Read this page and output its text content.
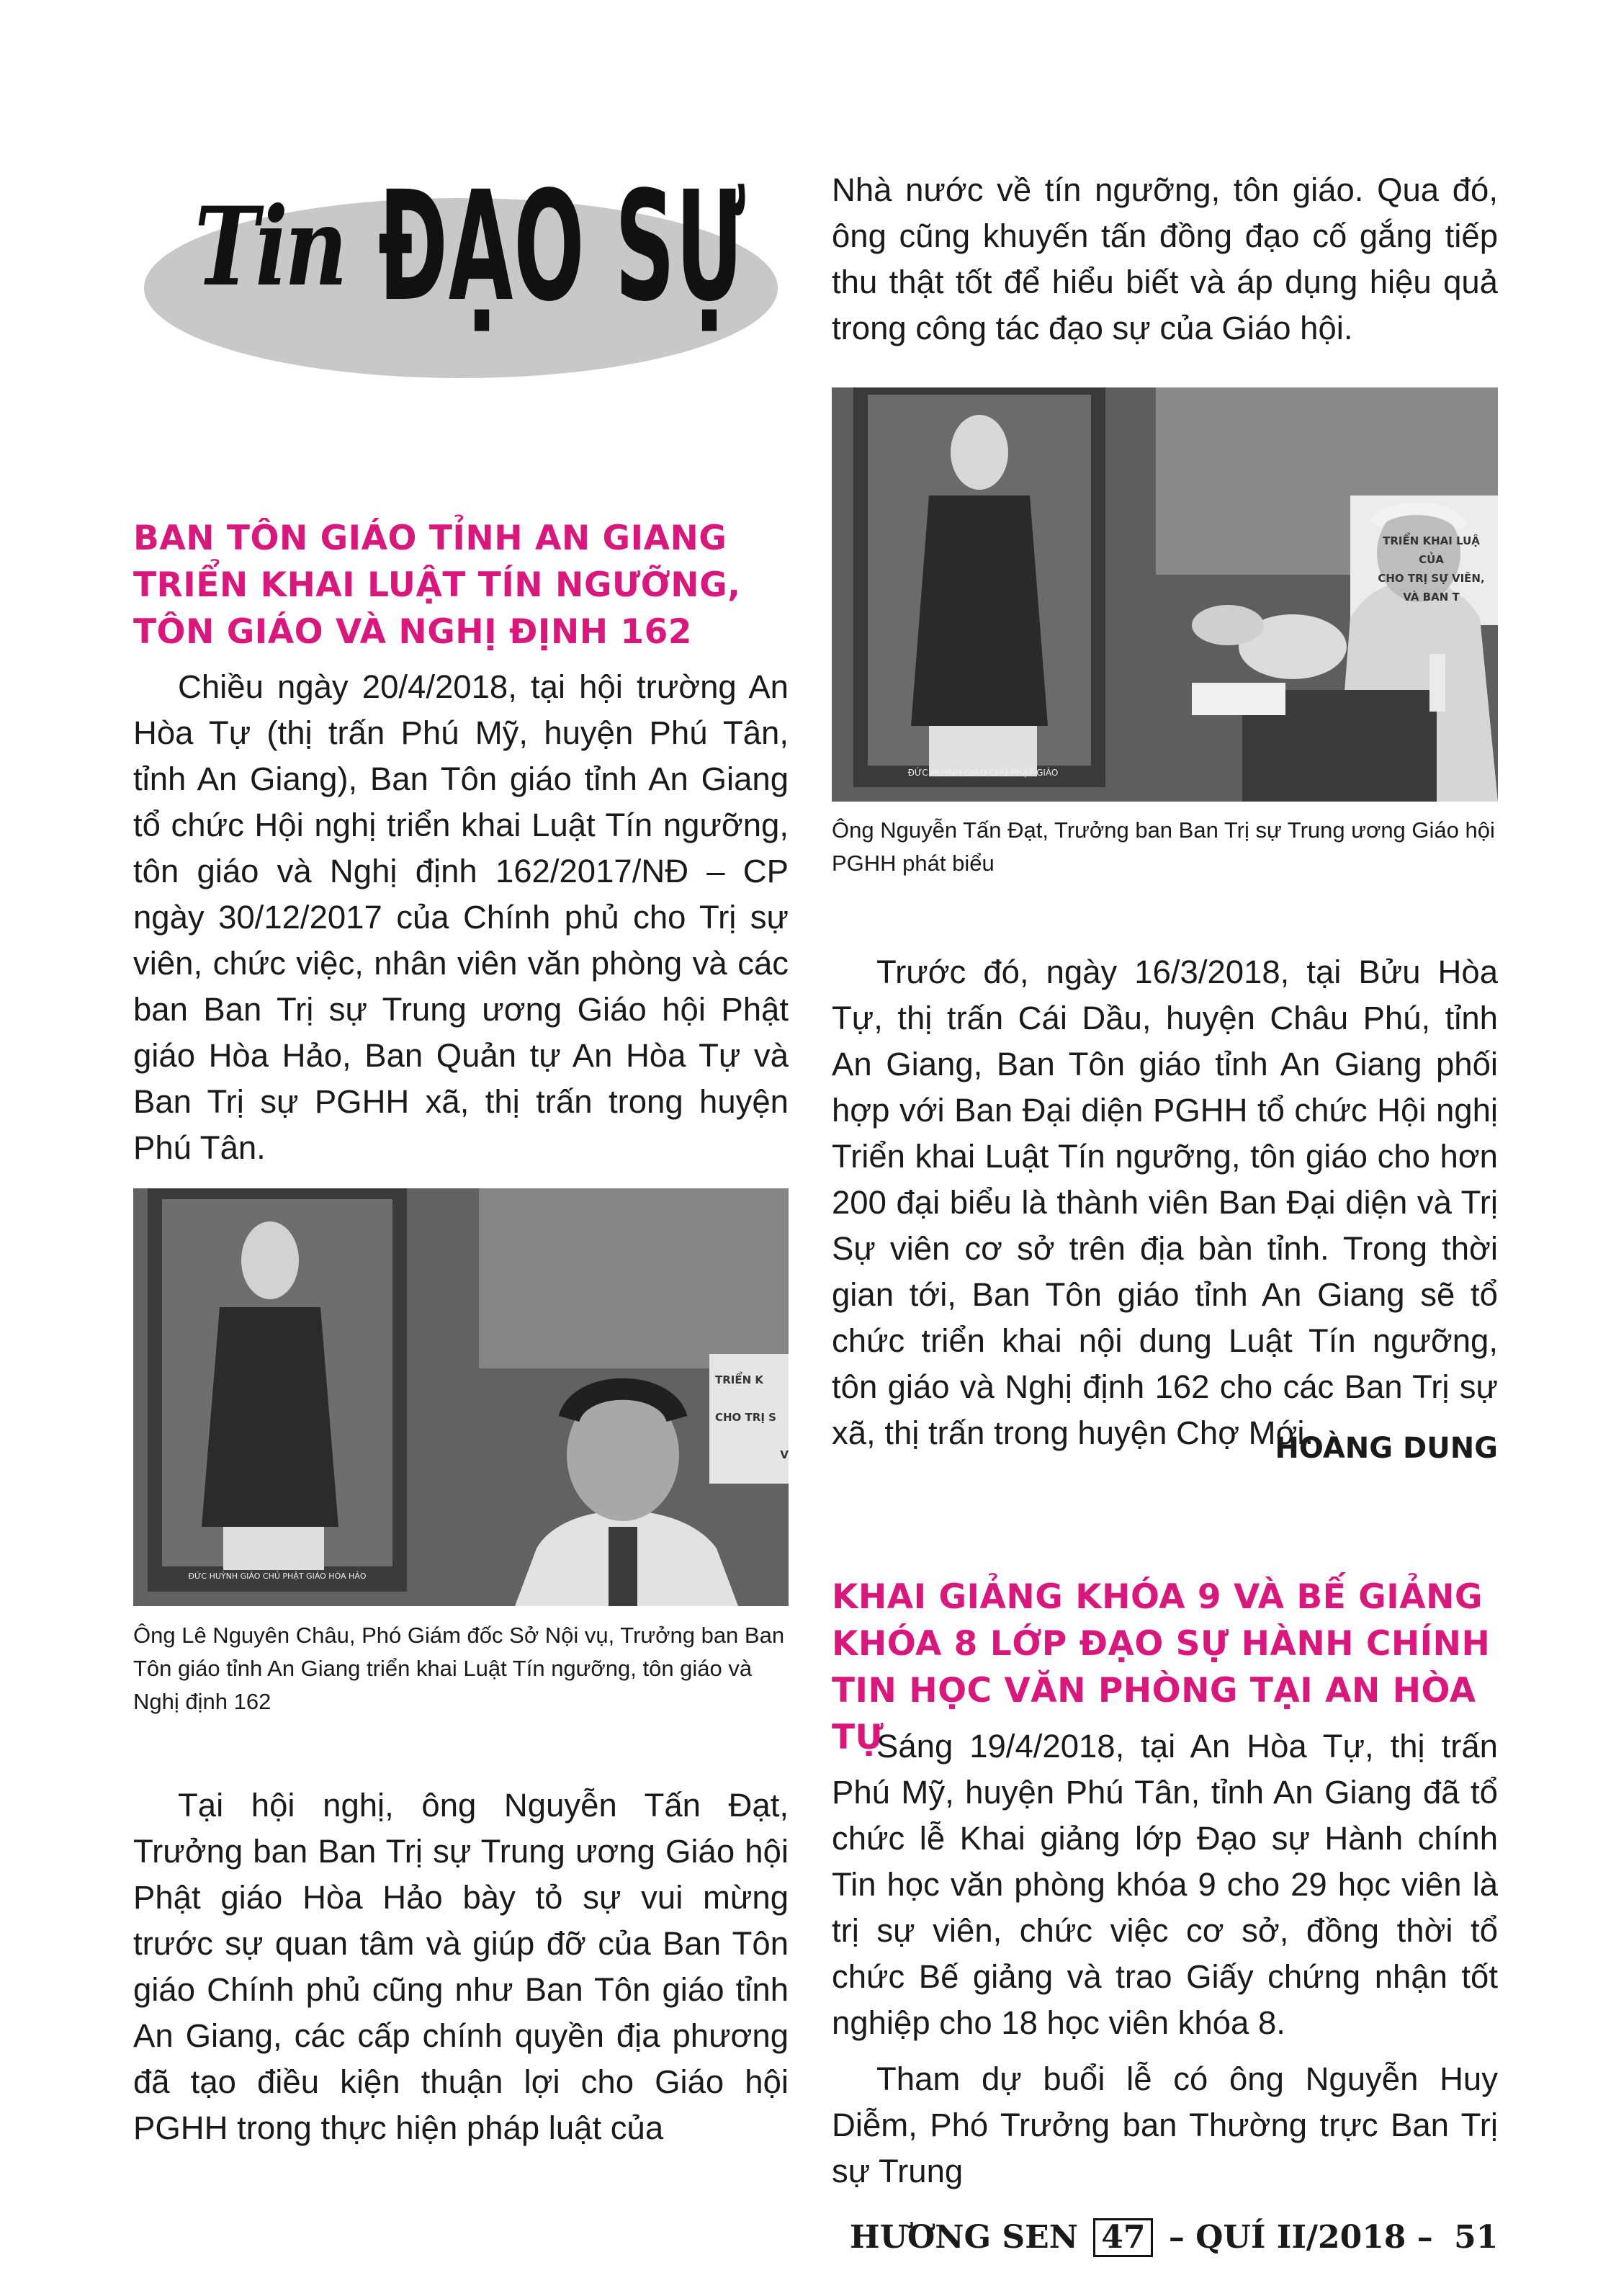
Tin ĐẠO SỰ	Nhà nước về tín ngưỡng, tôn giáo. Qua đó, ông cũng khuyến tấn đồng đạo cố gắng tiếp thu thật tốt để hiểu biết và áp dụng hiệu quả trong công tác đạo sự của Giáo hội.

TRIỂN KHAI LUẬ
CỦA
CHO TRỊ SỰ VIÊN,
VÀ BAN T
ĐỨC HUỲNH GIÁO CHỦ PHẬT GIÁO
Ông Nguyễn Tấn Đạt, Trưởng ban Ban Trị sự Trung ương Giáo hội PGHH phát biểu
BAN TÔN GIÁO TỈNH AN GIANG TRIỂN KHAI LUẬT TÍN NGƯỠNG, TÔN GIÁO VÀ NGHỊ ĐỊNH 162

Chiều ngày 20/4/2018, tại hội trường An Hòa Tự (thị trấn Phú Mỹ, huyện Phú Tân, tỉnh An Giang), Ban Tôn giáo tỉnh An Giang tổ chức Hội nghị triển khai Luật Tín ngưỡng, tôn giáo và Nghị định 162/2017/NĐ – CP ngày 30/12/2017 của Chính phủ cho Trị sự viên, chức việc, nhân viên văn phòng và các ban Ban Trị sự Trung ương Giáo hội Phật giáo Hòa Hảo, Ban Quản tự An Hòa Tự và Ban Trị sự PGHH xã, thị trấn trong huyện Phú Tân.

TRIỂN K
CHO TRỊ S
V
ĐỨC HUỲNH GIÁO CHỦ PHẬT GIÁO HÒA HẢO
Ông Lê Nguyên Châu, Phó Giám đốc Sở Nội vụ, Trưởng ban Ban Tôn giáo tỉnh An Giang triển khai Luật Tín ngưỡng, tôn giáo và Nghị định 162

Tại hội nghị, ông Nguyễn Tấn Đạt, Trưởng ban Ban Trị sự Trung ương Giáo hội Phật giáo Hòa Hảo bày tỏ sự vui mừng trước sự quan tâm và giúp đỡ của Ban Tôn giáo Chính phủ cũng như Ban Tôn giáo tỉnh An Giang, các cấp chính quyền địa phương đã tạo điều kiện thuận lợi cho Giáo hội PGHH trong thực hiện pháp luật của

Trước đó, ngày 16/3/2018, tại Bửu Hòa Tự, thị trấn Cái Dầu, huyện Châu Phú, tỉnh An Giang, Ban Tôn giáo tỉnh An Giang phối hợp với Ban Đại diện PGHH tổ chức Hội nghị Triển khai Luật Tín ngưỡng, tôn giáo cho hơn 200 đại biểu là thành viên Ban Đại diện và Trị Sự viên cơ sở trên địa bàn tỉnh. Trong thời gian tới, Ban Tôn giáo tỉnh An Giang sẽ tổ chức triển khai nội dung Luật Tín ngưỡng, tôn giáo và Nghị định 162 cho các Ban Trị sự xã, thị trấn trong huyện Chợ Mới.

HOÀNG DUNG
KHAI GIẢNG KHÓA 9 VÀ BẾ GIẢNG KHÓA 8 LỚP ĐẠO SỰ HÀNH CHÍNH TIN HỌC VĂN PHÒNG TẠI AN HÒA TỰ

Sáng 19/4/2018, tại An Hòa Tự, thị trấn Phú Mỹ, huyện Phú Tân, tỉnh An Giang đã tổ chức lễ Khai giảng lớp Đạo sự Hành chính Tin học văn phòng khóa 9 cho 29 học viên là trị sự viên, chức việc cơ sở, đồng thời tổ chức Bế giảng và trao Giấy chứng nhận tốt nghiệp cho 18 học viên khóa 8.

Tham dự buổi lễ có ông Nguyễn Huy Diễm, Phó Trưởng ban Thường trực Ban Trị sự Trung

HƯƠNG SEN 47 – QUÍ II/2018 – 51
